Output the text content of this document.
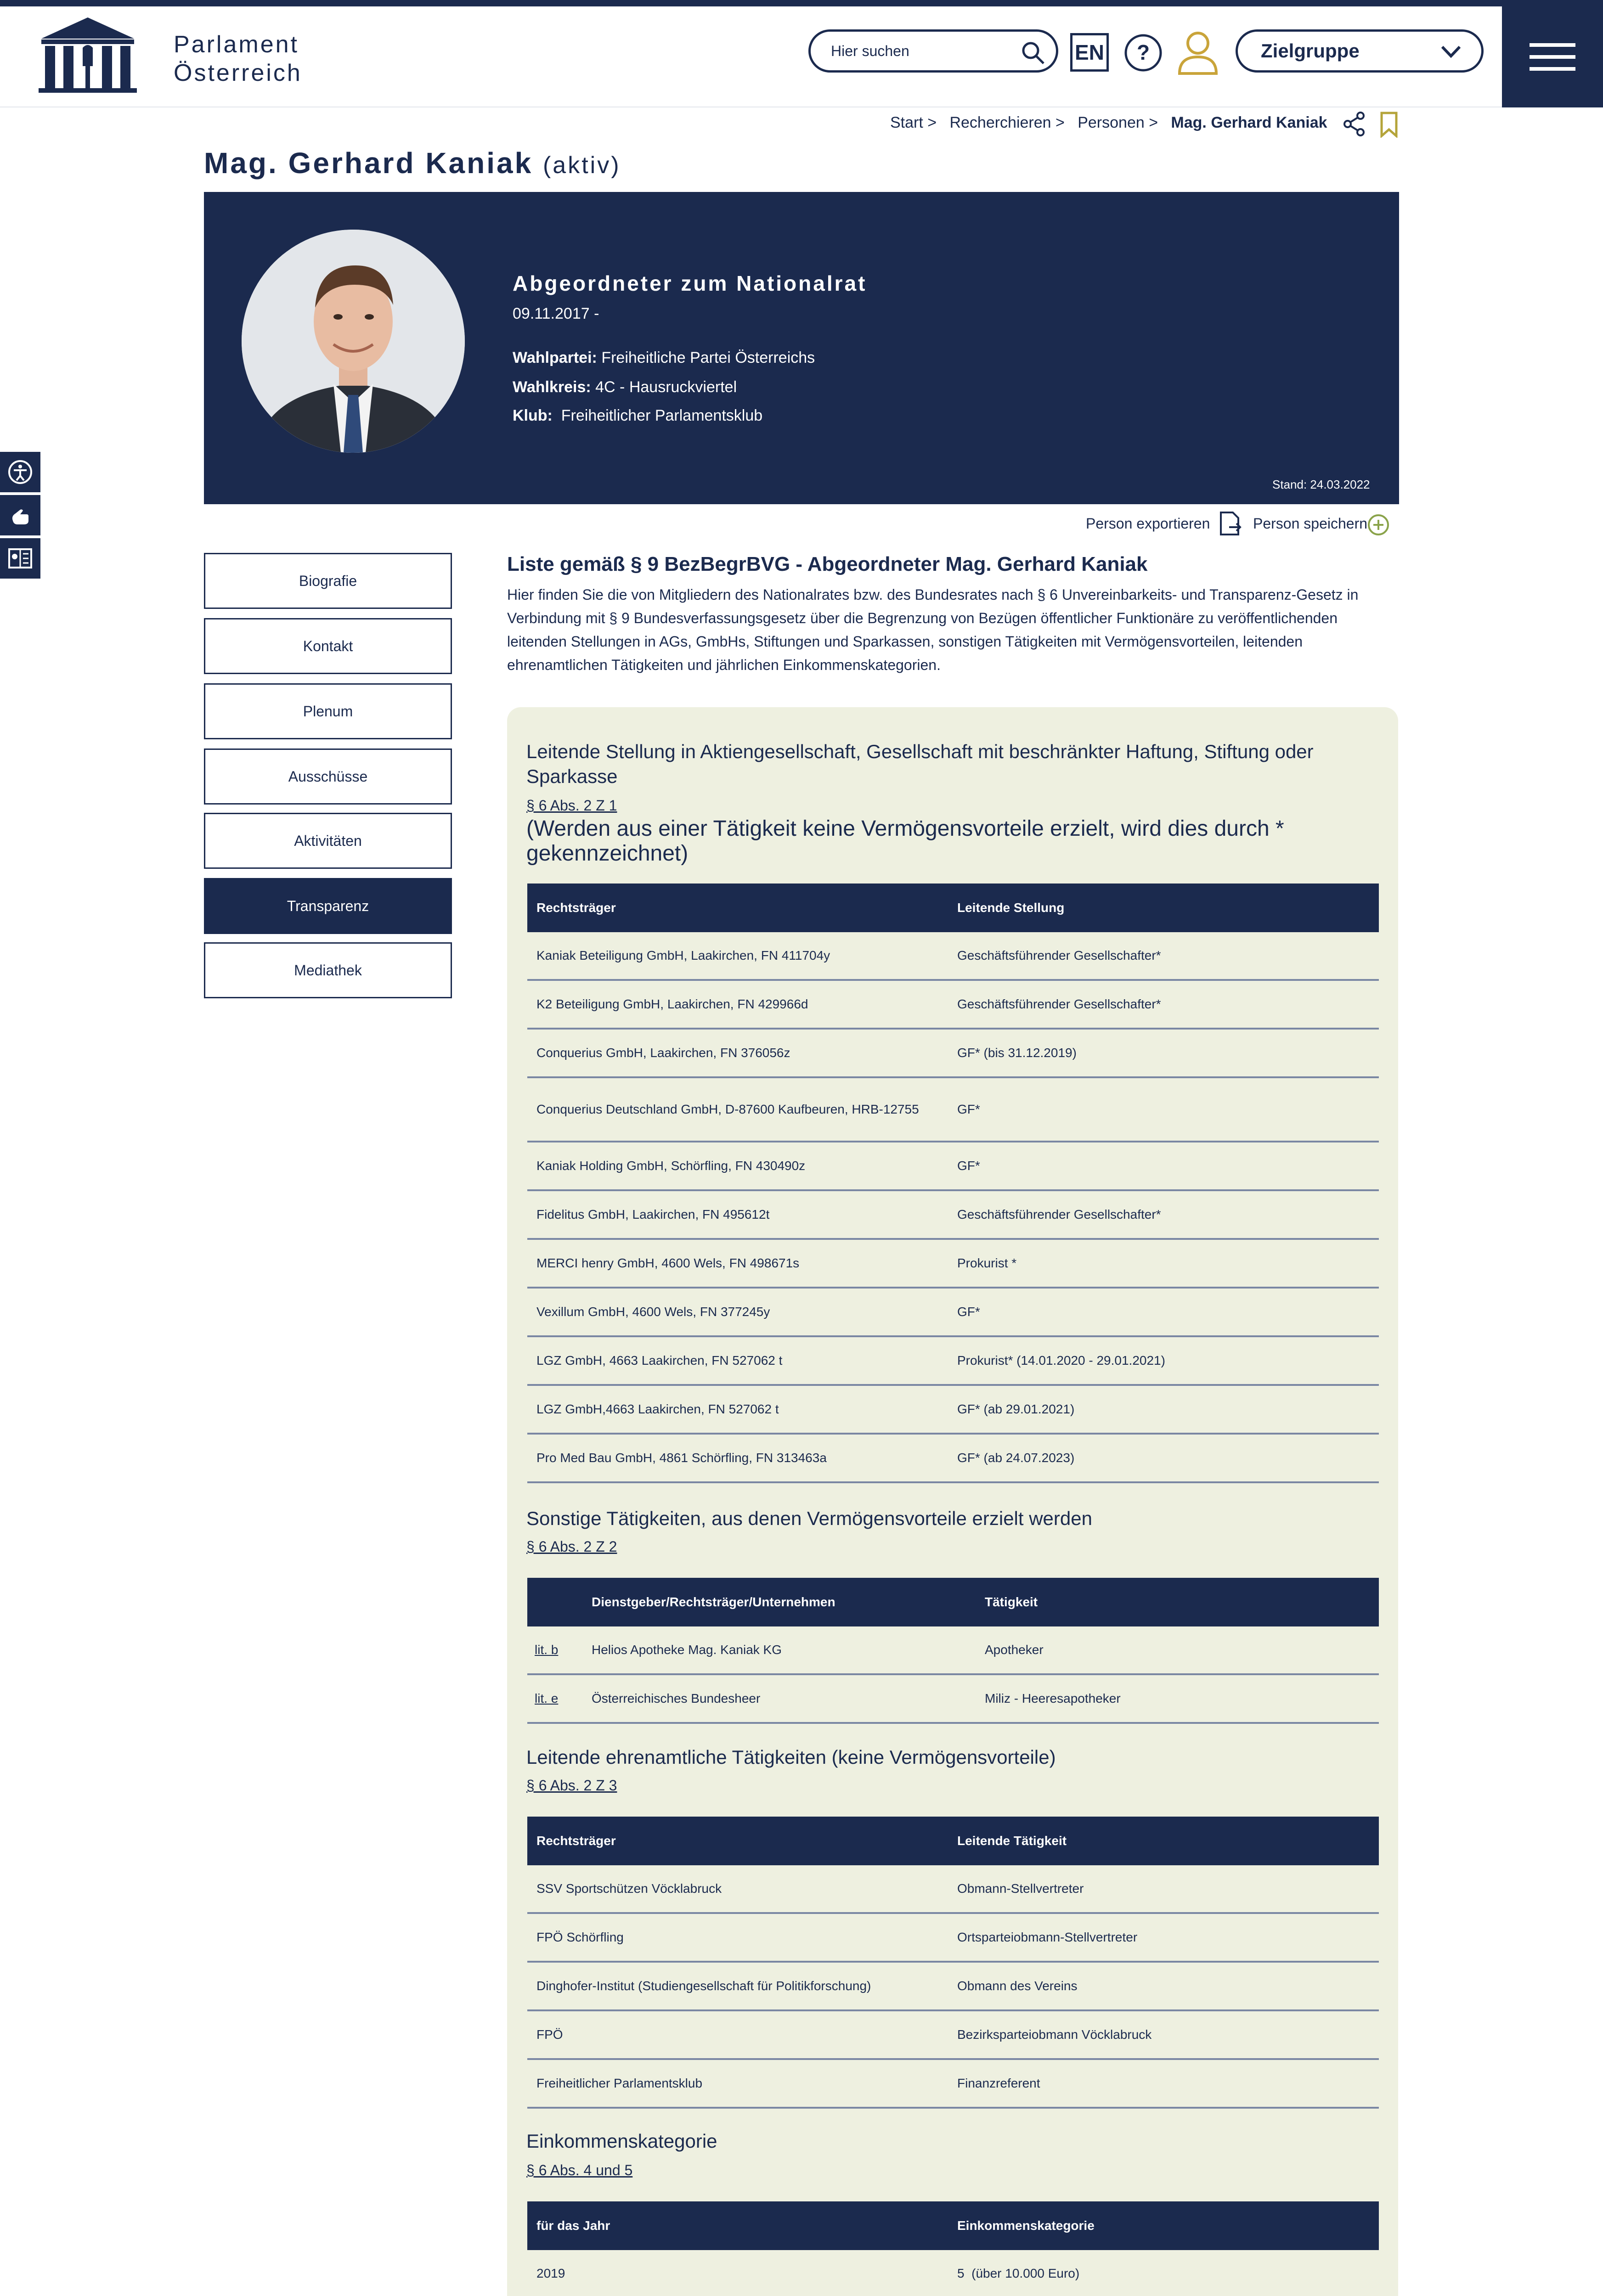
Parlament
Österreich
Hier suchen	EN ?	Zielgruppe
Start > Recherchieren > Personen > Mag. Gerhard Kaniak
Mag. Gerhard Kaniak (aktiv)
Abgeordneter zum Nationalrat
09.11.2017 -
Wahlpartei: Freiheitliche Partei Österreichs
Wahlkreis: 4C - Hausruckviertel
Klub: Freiheitlicher Parlamentsklub
Stand: 24.03.2022
Person exportieren	Person speichern
Biografie
Kontakt
Plenum
Ausschüsse
Aktivitäten
Transparenz
Mediathek
Liste gemäß § 9 BezBegrBVG - Abgeordneter Mag. Gerhard Kaniak
Hier finden Sie die von Mitgliedern des Nationalrates bzw. des Bundesrates nach § 6 Unvereinbarkeits- und Transparenz-Gesetz in Verbindung mit § 9 Bundesverfassungsgesetz über die Begrenzung von Bezügen öffentlicher Funktionäre zu veröffentlichenden leitenden Stellungen in AGs, GmbHs, Stiftungen und Sparkassen, sonstigen Tätigkeiten mit Vermögensvorteilen, leitenden ehrenamtlichen Tätigkeiten und jährlichen Einkommenskategorien.
Leitende Stellung in Aktiengesellschaft, Gesellschaft mit beschränkter Haftung, Stiftung oder Sparkasse
§ 6 Abs. 2 Z 1
(Werden aus einer Tätigkeit keine Vermögensvorteile erzielt, wird dies durch * gekennzeichnet)
Rechtsträger	Leitende Stellung
Kaniak Beteiligung GmbH, Laakirchen, FN 411704y	Geschäftsführender Gesellschafter*
K2 Beteiligung GmbH, Laakirchen, FN 429966d	Geschäftsführender Gesellschafter*
Conquerius GmbH, Laakirchen, FN 376056z	GF* (bis 31.12.2019)
Conquerius Deutschland GmbH, D-87600 Kaufbeuren, HRB-12755	GF*
Kaniak Holding GmbH, Schörfling, FN 430490z	GF*
Fidelitus GmbH, Laakirchen, FN 495612t	Geschäftsführender Gesellschafter*
MERCI henry GmbH, 4600 Wels, FN 498671s	Prokurist *
Vexillum GmbH, 4600 Wels, FN 377245y	GF*
LGZ GmbH, 4663 Laakirchen, FN 527062 t	Prokurist* (14.01.2020 - 29.01.2021)
LGZ GmbH,4663 Laakirchen, FN 527062 t	GF* (ab 29.01.2021)
Pro Med Bau GmbH, 4861 Schörfling, FN 313463a	GF* (ab 24.07.2023)
Sonstige Tätigkeiten, aus denen Vermögensvorteile erzielt werden
§ 6 Abs. 2 Z 2
Dienstgeber/Rechtsträger/Unternehmen	Tätigkeit
lit. b	Helios Apotheke Mag. Kaniak KG	Apotheker
lit. e	Österreichisches Bundesheer	Miliz - Heeresapotheker
Leitende ehrenamtliche Tätigkeiten (keine Vermögensvorteile)
§ 6 Abs. 2 Z 3
Rechtsträger	Leitende Tätigkeit
SSV Sportschützen Vöcklabruck	Obmann-Stellvertreter
FPÖ Schörfling	Ortsparteiobmann-Stellvertreter
Dinghofer-Institut (Studiengesellschaft für Politikforschung)	Obmann des Vereins
FPÖ	Bezirksparteiobmann Vöcklabruck
Freiheitlicher Parlamentsklub	Finanzreferent
Einkommenskategorie
§ 6 Abs. 4 und 5
für das Jahr	Einkommenskategorie
2019	5  (über 10.000 Euro)
